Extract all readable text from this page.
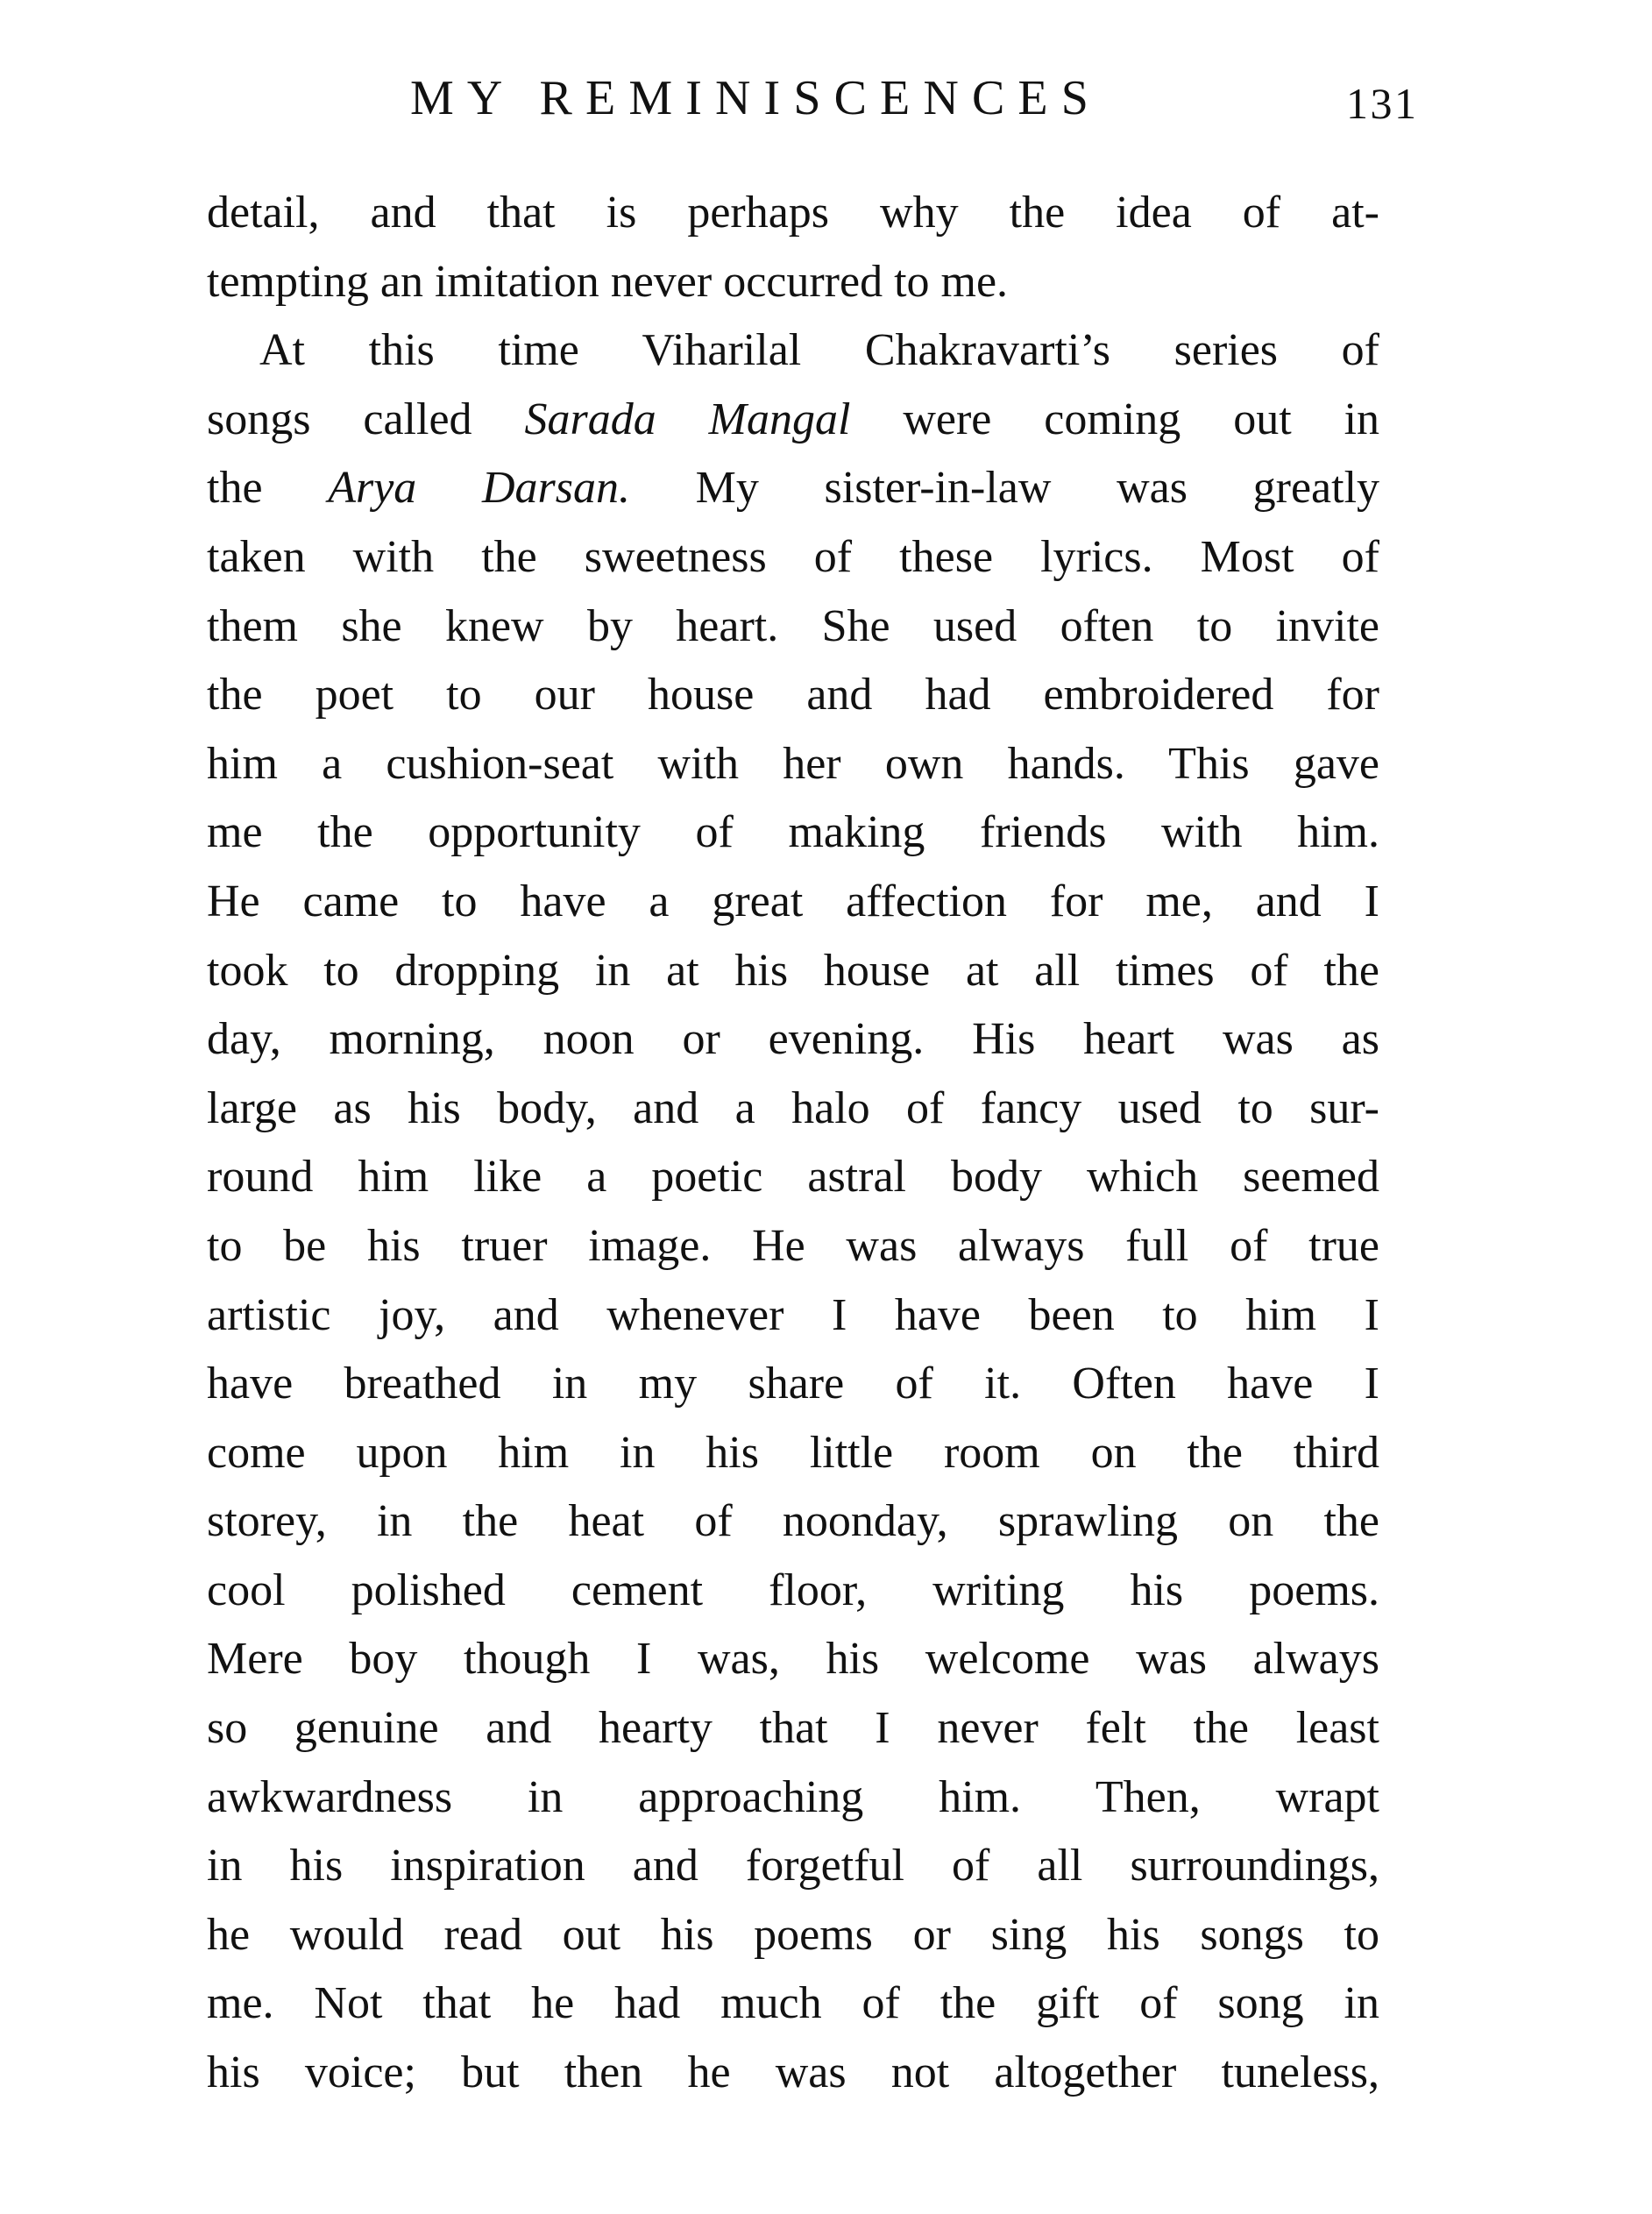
MY REMINISCENCES	131
detail, and that is perhaps why the idea of at-
tempting an imitation never occurred to me.
At this time Viharilal Chakravarti’s series of
songs called Sarada Mangal were coming out in
the Arya Darsan. My sister-in-law was greatly
taken with the sweetness of these lyrics. Most of
them she knew by heart. She used often to invite
the poet to our house and had embroidered for
him a cushion-seat with her own hands. This gave
me the opportunity of making friends with him.
He came to have a great affection for me, and I
took to dropping in at his house at all times of the
day, morning, noon or evening. His heart was as
large as his body, and a halo of fancy used to sur-
round him like a poetic astral body which seemed
to be his truer image. He was always full of true
artistic joy, and whenever I have been to him I
have breathed in my share of it. Often have I
come upon him in his little room on the third
storey, in the heat of noonday, sprawling on the
cool polished cement floor, writing his poems.
Mere boy though I was, his welcome was always
so genuine and hearty that I never felt the least
awkwardness in approaching him. Then, wrapt
in his inspiration and forgetful of all surroundings,
he would read out his poems or sing his songs to
me. Not that he had much of the gift of song in
his voice; but then he was not altogether tuneless,
